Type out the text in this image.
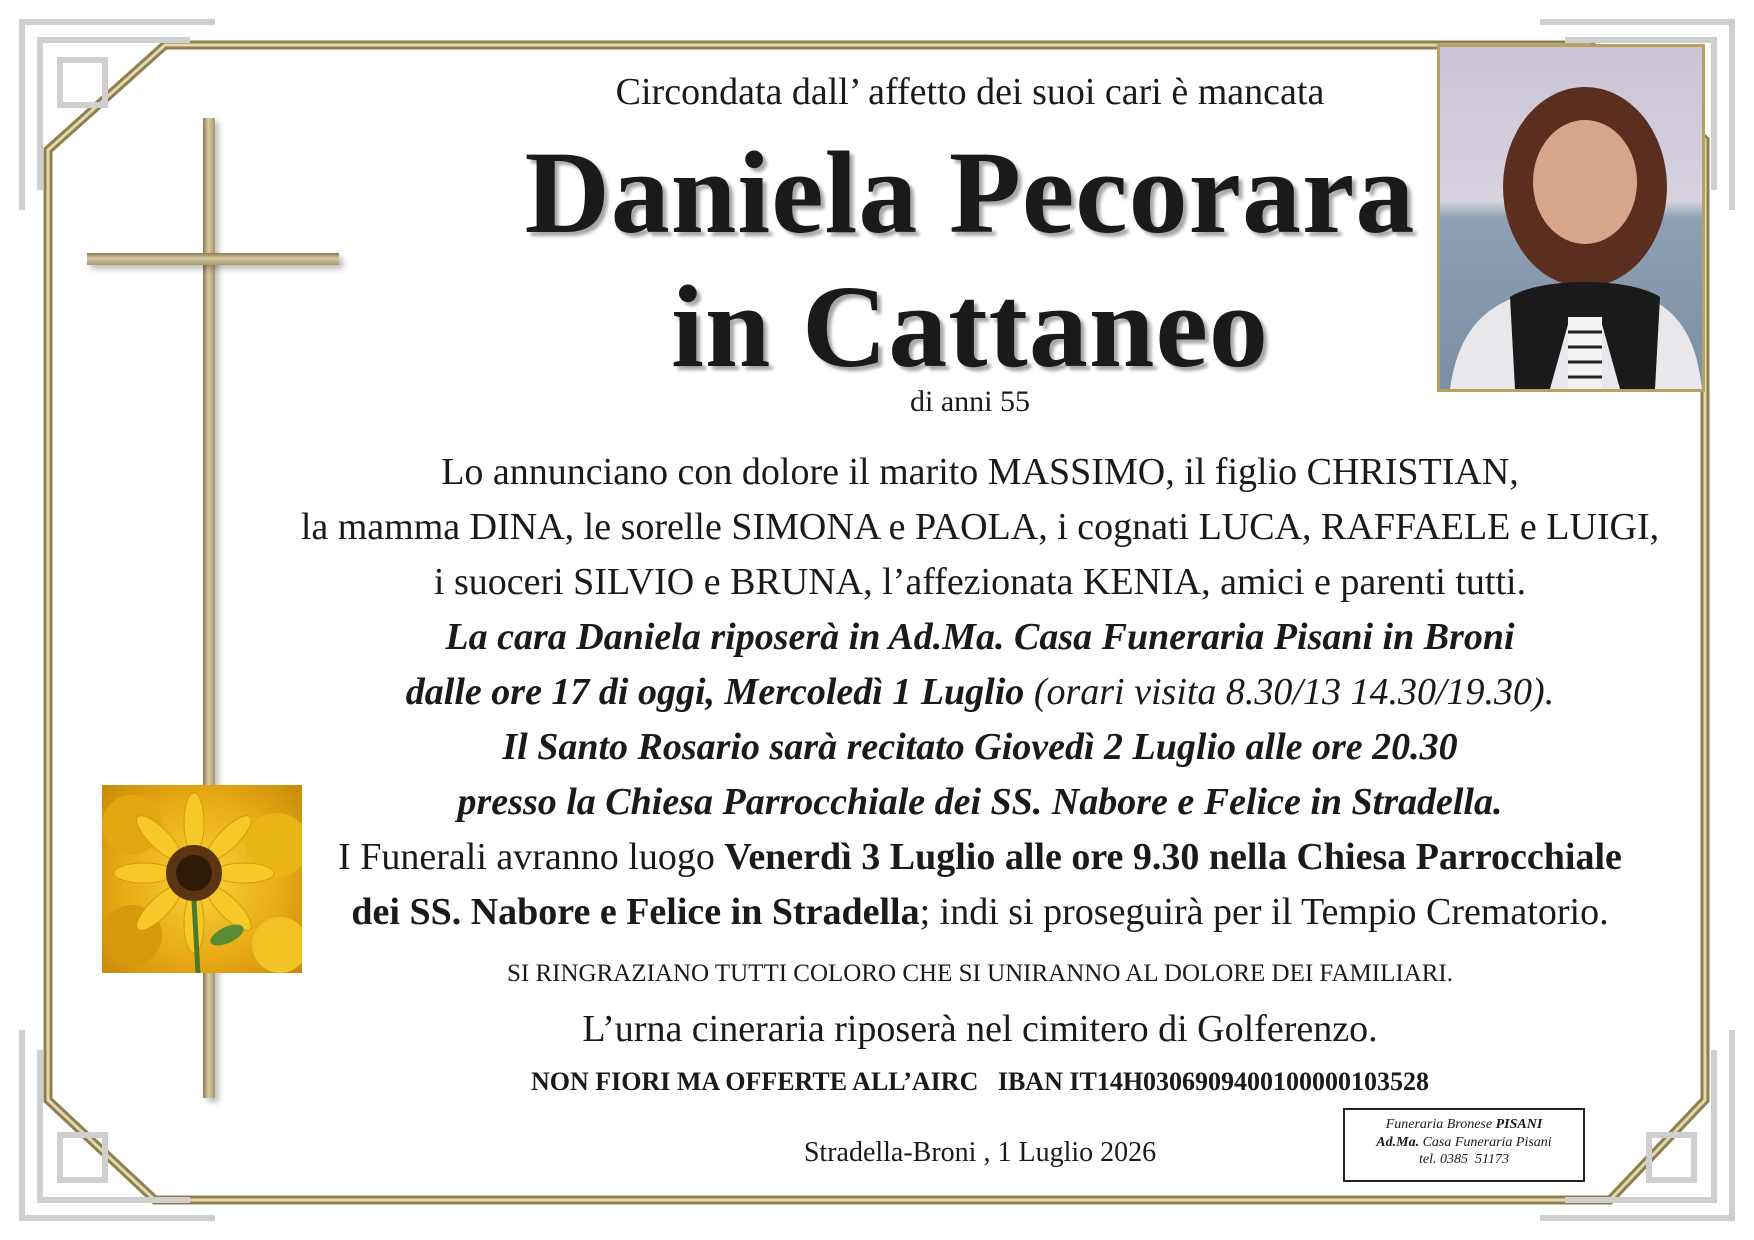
Circondata dall’ affetto dei suoi cari è mancata
Daniela Pecorara
in Cattaneo
di anni 55
Lo annunciano con dolore il marito MASSIMO, il figlio CHRISTIAN,
la mamma DINA, le sorelle SIMONA e PAOLA, i cognati LUCA, RAFFAELE e LUIGI,
i suoceri SILVIO e BRUNA, l’affezionata KENIA, amici e parenti tutti.
La cara Daniela riposerà in Ad.Ma. Casa Funeraria Pisani in Broni
dalle ore 17 di oggi, Mercoledì 1 Luglio (orari visita 8.30/13 14.30/19.30).
Il Santo Rosario sarà recitato Giovedì 2 Luglio alle ore 20.30
presso la Chiesa Parrocchiale dei SS. Nabore e Felice in Stradella.
I Funerali avranno luogo Venerdì 3 Luglio alle ore 9.30 nella Chiesa Parrocchiale
dei SS. Nabore e Felice in Stradella; indi si proseguirà per il Tempio Crematorio.
SI RINGRAZIANO TUTTI COLORO CHE SI UNIRANNO AL DOLORE DEI FAMILIARI.
L’urna cineraria riposerà nel cimitero di Golferenzo.
NON FIORI MA OFFERTE ALL’AIRC   IBAN IT14H0306909400100000103528
Stradella-Broni , 1 Luglio 2026
Funeraria Bronese PISANI
Ad.Ma. Casa Funeraria Pisani
tel. 0385  51173
